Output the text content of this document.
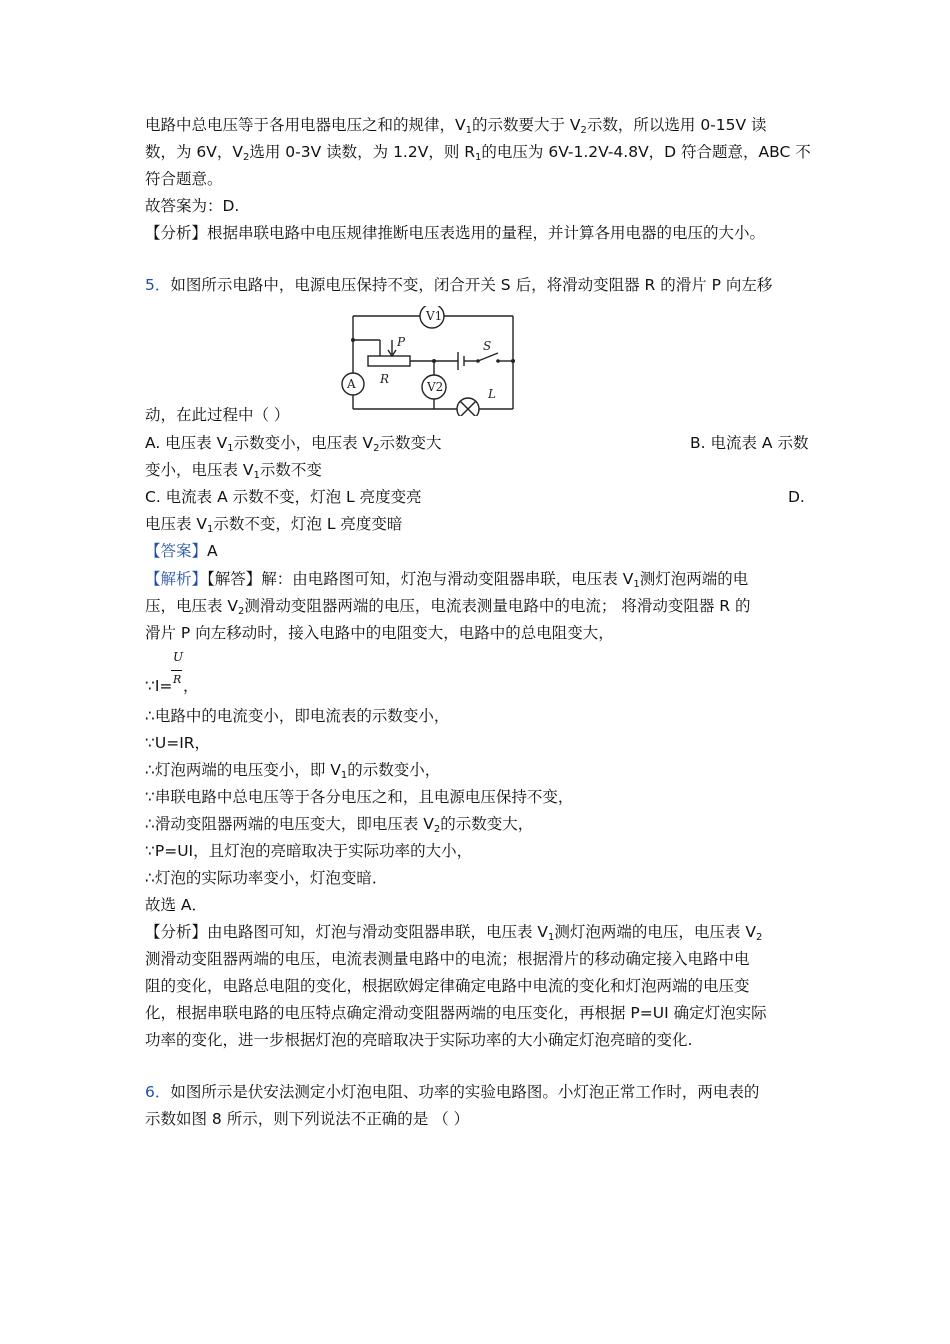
电路中总电压等于各用电器电压之和的规律，$V_1$的示数要大于 $V_2$示数，所以选用 0-15V 读
数，为 6V，$V_2$选用 0-3V 读数，为 1.2V，则 $R_1$的电压为 6V-1.2V-4.8V，D 符合题意，ABC 不
符合题意。
故答案为：D.
【分析】根据串联电路中电压规律推断电压表选用的量程，并计算各用电器的电压的大小。
5．如图所示电路中，电源电压保持不变，闭合开关 S 后，将滑动变阻器 R 的滑片 P 向左移
V1
A	V2
P
R
S
L
动，在此过程中（ ）
A. 电压表 $V_1$示数变小，电压表 $V_2$示数变大	B. 电流表 A 示数
变小，电压表 $V_1$示数不变
C. 电流表 A 示数不变，灯泡 L 亮度变亮	D.
电压表 $V_1$示数不变，灯泡 L 亮度变暗
【答案】A
【解析】【解答】解：由电路图可知，灯泡与滑动变阻器串联，电压表 $V_1$测灯泡两端的电
压，电压表 $V_2$测滑动变阻器两端的电压，电流表测量电路中的电流； 将滑动变阻器 R 的
滑片 P 向左移动时，接入电路中的电阻变大，电路中的总电阻变大，
∵I=
U
R ，
∴电路中的电流变小，即电流表的示数变小，
∵U=IR，
∴灯泡两端的电压变小，即 $V_1$的示数变小，
∵串联电路中总电压等于各分电压之和，且电源电压保持不变，
∴滑动变阻器两端的电压变大，即电压表 $V_2$的示数变大，
∵P=UI，且灯泡的亮暗取决于实际功率的大小，
∴灯泡的实际功率变小，灯泡变暗．
故选 A．
【分析】由电路图可知，灯泡与滑动变阻器串联，电压表 $V_1$测灯泡两端的电压，电压表 $V_2$
测滑动变阻器两端的电压，电流表测量电路中的电流；根据滑片的移动确定接入电路中电
阻的变化，电路总电阻的变化，根据欧姆定律确定电路中电流的变化和灯泡两端的电压变
化，根据串联电路的电压特点确定滑动变阻器两端的电压变化，再根据 P=UI 确定灯泡实际
功率的变化，进一步根据灯泡的亮暗取决于实际功率的大小确定灯泡亮暗的变化.
6．如图所示是伏安法测定小灯泡电阻、功率的实验电路图。小灯泡正常工作时，两电表的
示数如图 8 所示，则下列说法不正确的是 （ ）
